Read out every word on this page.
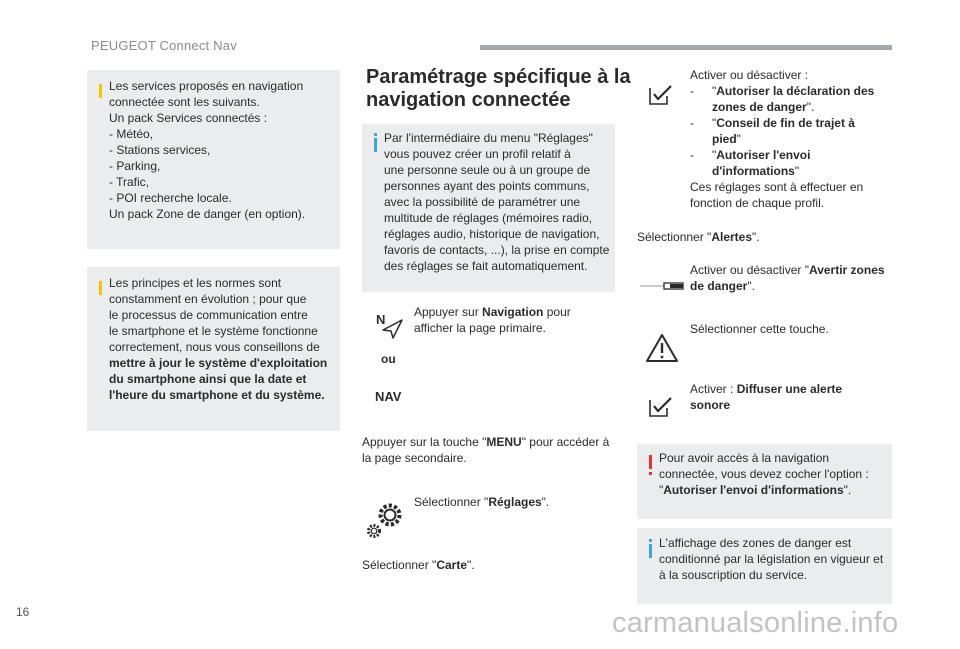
PEUGEOT Connect Nav
Les services proposés en navigation
connectée sont les suivants.
Un pack Services connectés :
- Météo,
- Stations services,
- Parking,
- Trafic,
- POI recherche locale.
Un pack Zone de danger (en option).
Les principes et les normes sont
constamment en évolution ; pour que
le processus de communication entre
le smartphone et le système fonctionne
correctement, nous vous conseillons de
mettre à jour le système d'exploitation
du smartphone ainsi que la date et
l'heure du smartphone et du système.
Paramétrage spécifique à la
navigation connectée
Par l'intermédiaire du menu "Réglages"
vous pouvez créer un profil relatif à
une personne seule ou à un groupe de
personnes ayant des points communs,
avec la possibilité de paramétrer une
multitude de réglages (mémoires radio,
réglages audio, historique de navigation,
favoris de contacts, ...), la prise en compte
des réglages se fait automatiquement.
N
ou
NAV
Appuyer sur Navigation pour
afficher la page primaire.
Appuyer sur la touche "MENU" pour accéder à
la page secondaire.
Sélectionner "Réglages".
Sélectionner "Carte".
Activer ou désactiver :
- "Autoriser la déclaration des
zones de danger".
- "Conseil de fin de trajet à
pied"
- "Autoriser l'envoi
d'informations"
Ces réglages sont à effectuer en
fonction de chaque profil.
Sélectionner "Alertes".
Activer ou désactiver "Avertir zones
de danger".
Sélectionner cette touche.
Activer : Diffuser une alerte
sonore
Pour avoir accès à la navigation
connectée, vous devez cocher l'option :
"Autoriser l'envoi d'informations".
L'affichage des zones de danger est
conditionné par la législation en vigueur et
à la souscription du service.
16	carmanualsonline.info
